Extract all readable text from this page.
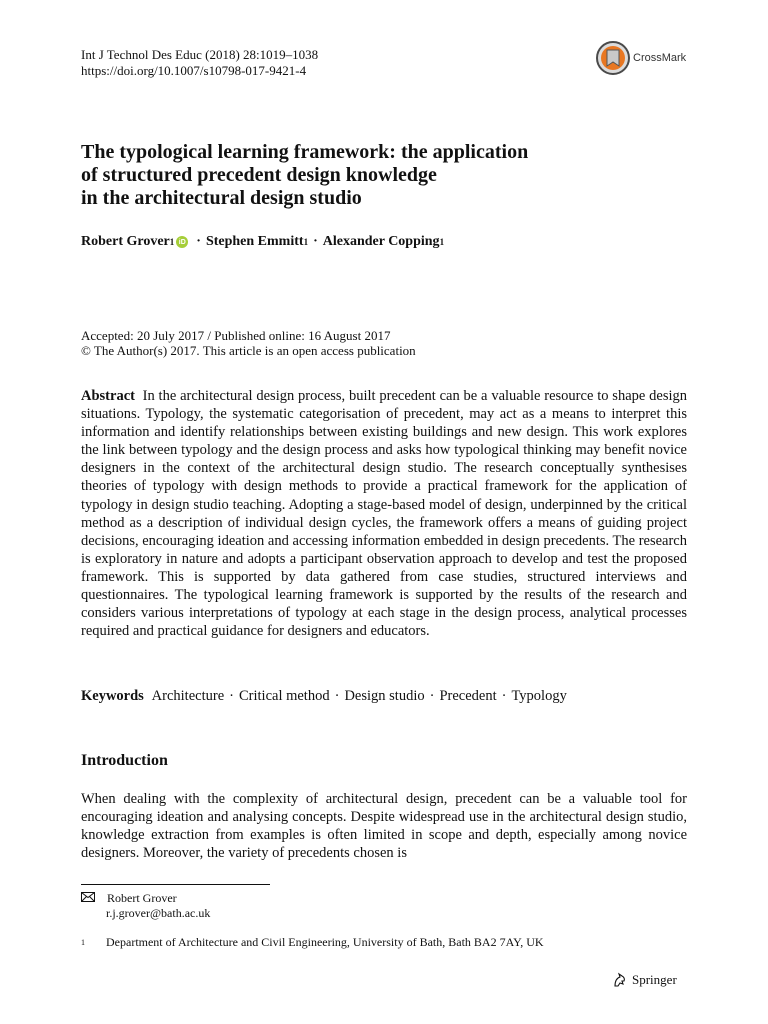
Int J Technol Des Educ (2018) 28:1019–1038
https://doi.org/10.1007/s10798-017-9421-4
CrossMark
The typological learning framework: the application
of structured precedent design knowledge
in the architectural design studio
Robert Grover 1 iD · Stephen Emmitt 1 · Alexander Copping 1
Accepted: 20 July 2017 / Published online: 16 August 2017
© The Author(s) 2017. This article is an open access publication

Abstract In the architectural design process, built precedent can be a valuable resource to shape design situations. Typology, the systematic categorisation of precedent, may act as a means to interpret this information and identify relationships between existing buildings and new design. This work explores the link between typology and the design process and asks how typological thinking may benefit novice designers in the context of the architectural design studio. The research conceptually synthesises theories of typology with design methods to provide a practical framework for the application of typology in design studio teaching. Adopting a stage-based model of design, underpinned by the critical method as a description of individual design cycles, the framework offers a means of guiding project decisions, encouraging ideation and accessing information embedded in design precedents. The research is exploratory in nature and adopts a participant observation approach to develop and test the proposed framework. This is supported by data gathered from case studies, structured interviews and questionnaires. The typological learning framework is supported by the results of the research and considers various interpretations of typology at each stage in the design process, analytical processes required and practical guidance for designers and educators.

Keywords Architecture · Critical method · Design studio · Precedent · Typology
Introduction

When dealing with the complexity of architectural design, precedent can be a valuable tool for encouraging ideation and analysing concepts. Despite widespread use in the architectural design studio, knowledge extraction from examples is often limited in scope and depth, especially among novice designers. Moreover, the variety of precedents chosen is

Robert Grover
r.j.grover@bath.ac.uk
$^1$ Department of Architecture and Civil Engineering, University of Bath, Bath BA2 7AY, UK
Springer
